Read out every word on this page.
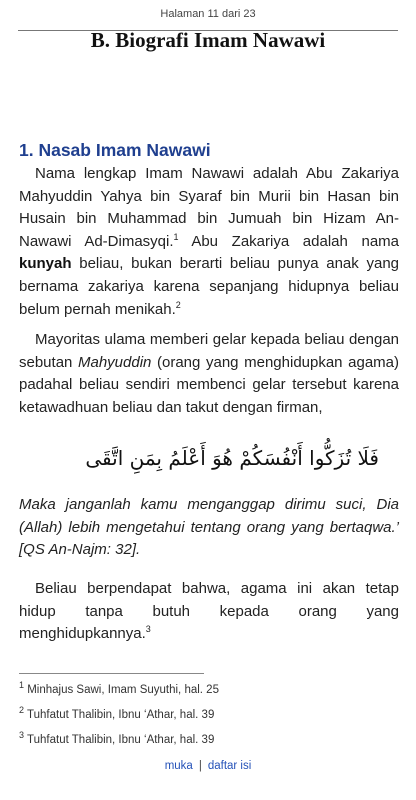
Halaman 11 dari 23
B. Biografi Imam Nawawi
1. Nasab Imam Nawawi

Nama lengkap Imam Nawawi adalah Abu Zakariya Mahyuddin Yahya bin Syaraf bin Murii bin Hasan bin Husain bin Muhammad bin Jumuah bin Hizam An-Nawawi Ad-Dimasyqi.$^1$ Abu Zakariya adalah nama kunyah beliau, bukan berarti beliau punya anak yang bernama zakariya karena sepanjang hidupnya beliau belum pernah menikah.$^2$

Mayoritas ulama memberi gelar kepada beliau dengan sebutan Mahyuddin (orang yang menghidupkan agama) padahal beliau sendiri membenci gelar tersebut karena ketawadhuan beliau dan takut dengan firman,

فَلَا تُزَكُّوا أَنْفُسَكُمْ هُوَ أَعْلَمُ بِمَنِ اتَّقَى

Maka janganlah kamu menganggap dirimu suci, Dia (Allah) lebih mengetahui tentang orang yang bertaqwa.’ [QS An-Najm: 32].

Beliau berpendapat bahwa, agama ini akan tetap hidup tanpa butuh kepada orang yang menghidupkannya.$^3$

$^1$ Minhajus Sawi, Imam Suyuthi, hal. 25
$^2$ Tuhfatut Thalibin, Ibnu ‘Athar, hal. 39
$^3$ Tuhfatut Thalibin, Ibnu ‘Athar, hal. 39
muka | daftar isi
